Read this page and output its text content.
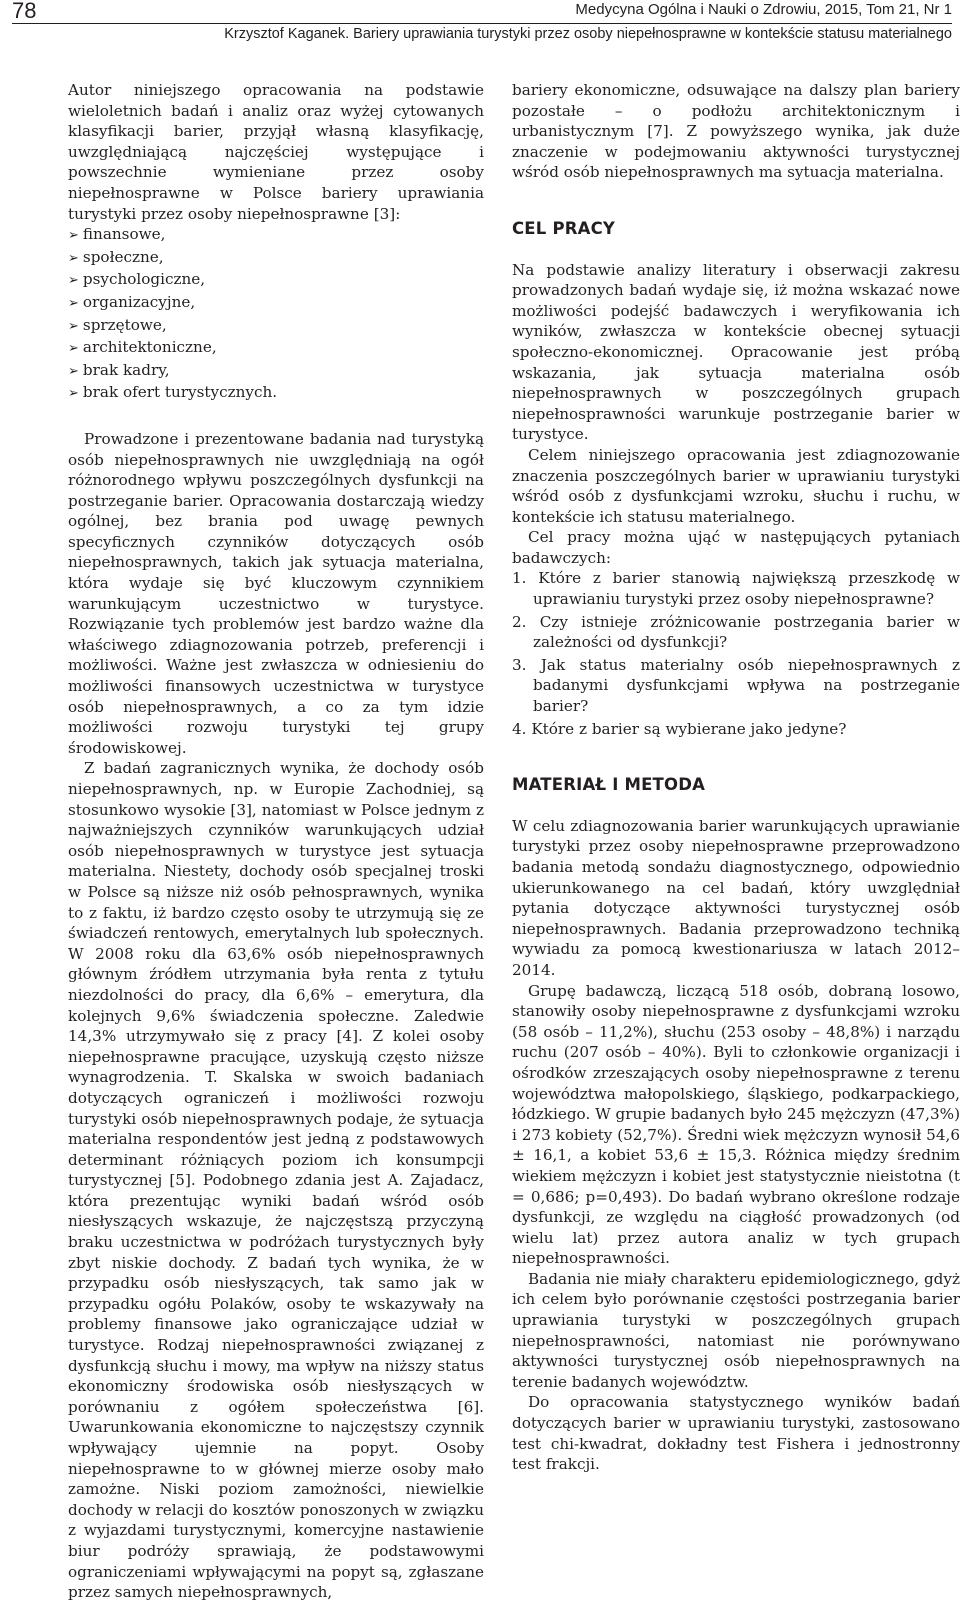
78	Medycyna Ogólna i Nauki o Zdrowiu, 2015, Tom 21, Nr 1
Krzysztof Kaganek. Bariery uprawiania turystyki przez osoby niepełnosprawne w kontekście statusu materialnego

Autor niniejszego opracowania na podstawie wieloletnich badań i analiz oraz wyżej cytowanych klasyfikacji barier, przyjął własną klasyfikację, uwzględniającą najczęściej występujące i powszechnie wymieniane przez osoby niepełnosprawne w Polsce bariery uprawiania turystyki przez osoby niepełnosprawne [3]:

➢ finansowe,
➢ społeczne,
➢ psychologiczne,
➢ organizacyjne,
➢ sprzętowe,
➢ architektoniczne,
➢ brak kadry,
➢ brak ofert turystycznych.

Prowadzone i prezentowane badania nad turystyką osób niepełnosprawnych nie uwzględniają na ogół różnorodnego wpływu poszczególnych dysfunkcji na postrzeganie barier. Opracowania dostarczają wiedzy ogólnej, bez brania pod uwagę pewnych specyficznych czynników dotyczących osób niepełnosprawnych, takich jak sytuacja materialna, która wydaje się być kluczowym czynnikiem warunkującym uczestnictwo w turystyce. Rozwiązanie tych problemów jest bardzo ważne dla właściwego zdiagnozowania potrzeb, preferencji i możliwości. Ważne jest zwłaszcza w odniesieniu do możliwości finansowych uczestnictwa w turystyce osób niepełnosprawnych, a co za tym idzie możliwości rozwoju turystyki tej grupy środowiskowej.

Z badań zagranicznych wynika, że dochody osób niepełnosprawnych, np. w Europie Zachodniej, są stosunkowo wysokie [3], natomiast w Polsce jednym z najważniejszych czynników warunkujących udział osób niepełnosprawnych w turystyce jest sytuacja materialna. Niestety, dochody osób specjalnej troski w Polsce są niższe niż osób pełnosprawnych, wynika to z faktu, iż bardzo często osoby te utrzymują się ze świadczeń rentowych, emerytalnych lub społecznych. W 2008 roku dla 63,6% osób niepełnosprawnych głównym źródłem utrzymania była renta z tytułu niezdolności do pracy, dla 6,6% – emerytura, dla kolejnych 9,6% świadczenia społeczne. Zaledwie 14,3% utrzymywało się z pracy [4]. Z kolei osoby niepełnosprawne pracujące, uzyskują często niższe wynagrodzenia. T. Skalska w swoich badaniach dotyczących ograniczeń i możliwości rozwoju turystyki osób niepełnosprawnych podaje, że sytuacja materialna respondentów jest jedną z podstawowych determinant różniących poziom ich konsumpcji turystycznej [5]. Podobnego zdania jest A. Zajadacz, która prezentując wyniki badań wśród osób niesłyszących wskazuje, że najczęstszą przyczyną braku uczestnictwa w podróżach turystycznych były zbyt niskie dochody. Z badań tych wynika, że w przypadku osób niesłyszących, tak samo jak w przypadku ogółu Polaków, osoby te wskazywały na problemy finansowe jako ograniczające udział w turystyce. Rodzaj niepełnosprawności związanej z dysfunkcją słuchu i mowy, ma wpływ na niższy status ekonomiczny środowiska osób niesłyszących w porównaniu z ogółem społeczeństwa [6]. Uwarunkowania ekonomiczne to najczęstszy czynnik wpływający ujemnie na popyt. Osoby niepełnosprawne to w głównej mierze osoby mało zamożne. Niski poziom zamożności, niewielkie dochody w relacji do kosztów ponoszonych w związku z wyjazdami turystycznymi, komercyjne nastawienie biur podróży sprawiają, że podstawowymi ograniczeniami wpływającymi na popyt są, zgłaszane przez samych niepełnosprawnych,

bariery ekonomiczne, odsuwające na dalszy plan bariery pozostałe – o podłożu architektonicznym i urbanistycznym [7]. Z powyższego wynika, jak duże znaczenie w podejmowaniu aktywności turystycznej wśród osób niepełnosprawnych ma sytuacja materialna.

CEL PRACY

Na podstawie analizy literatury i obserwacji zakresu prowadzonych badań wydaje się, iż można wskazać nowe możliwości podejść badawczych i weryfikowania ich wyników, zwłaszcza w kontekście obecnej sytuacji społeczno-ekonomicznej. Opracowanie jest próbą wskazania, jak sytuacja materialna osób niepełnosprawnych w poszczególnych grupach niepełnosprawności warunkuje postrzeganie barier w turystyce.

Celem niniejszego opracowania jest zdiagnozowanie znaczenia poszczególnych barier w uprawianiu turystyki wśród osób z dysfunkcjami wzroku, słuchu i ruchu, w kontekście ich statusu materialnego.

Cel pracy można ująć w następujących pytaniach badawczych:

1. Które z barier stanowią największą przeszkodę w uprawianiu turystyki przez osoby niepełnosprawne?
2. Czy istnieje zróżnicowanie postrzegania barier w zależności od dysfunkcji?
3. Jak status materialny osób niepełnosprawnych z badanymi dysfunkcjami wpływa na postrzeganie barier?
4. Które z barier są wybierane jako jedyne?

MATERIAŁ I METODA

W celu zdiagnozowania barier warunkujących uprawianie turystyki przez osoby niepełnosprawne przeprowadzono badania metodą sondażu diagnostycznego, odpowiednio ukierunkowanego na cel badań, który uwzględniał pytania dotyczące aktywności turystycznej osób niepełnosprawnych. Badania przeprowadzono techniką wywiadu za pomocą kwestionariusza w latach 2012–2014.

Grupę badawczą, liczącą 518 osób, dobraną losowo, stanowiły osoby niepełnosprawne z dysfunkcjami wzroku (58 osób – 11,2%), słuchu (253 osoby – 48,8%) i narządu ruchu (207 osób – 40%). Byli to członkowie organizacji i ośrodków zrzeszających osoby niepełnosprawne z terenu województwa małopolskiego, śląskiego, podkarpackiego, łódzkiego. W grupie badanych było 245 mężczyzn (47,3%) i 273 kobiety (52,7%). Średni wiek mężczyzn wynosił 54,6 ± 16,1, a kobiet 53,6 ± 15,3. Różnica między średnim wiekiem mężczyzn i kobiet jest statystycznie nieistotna (t = 0,686; p=0,493). Do badań wybrano określone rodzaje dysfunkcji, ze względu na ciągłość prowadzonych (od wielu lat) przez autora analiz w tych grupach niepełnosprawności.

Badania nie miały charakteru epidemiologicznego, gdyż ich celem było porównanie częstości postrzegania barier uprawiania turystyki w poszczególnych grupach niepełnosprawności, natomiast nie porównywano aktywności turystycznej osób niepełnosprawnych na terenie badanych województw.

Do opracowania statystycznego wyników badań dotyczących barier w uprawianiu turystyki, zastosowano test chi-kwadrat, dokładny test Fishera i jednostronny test frakcji.
